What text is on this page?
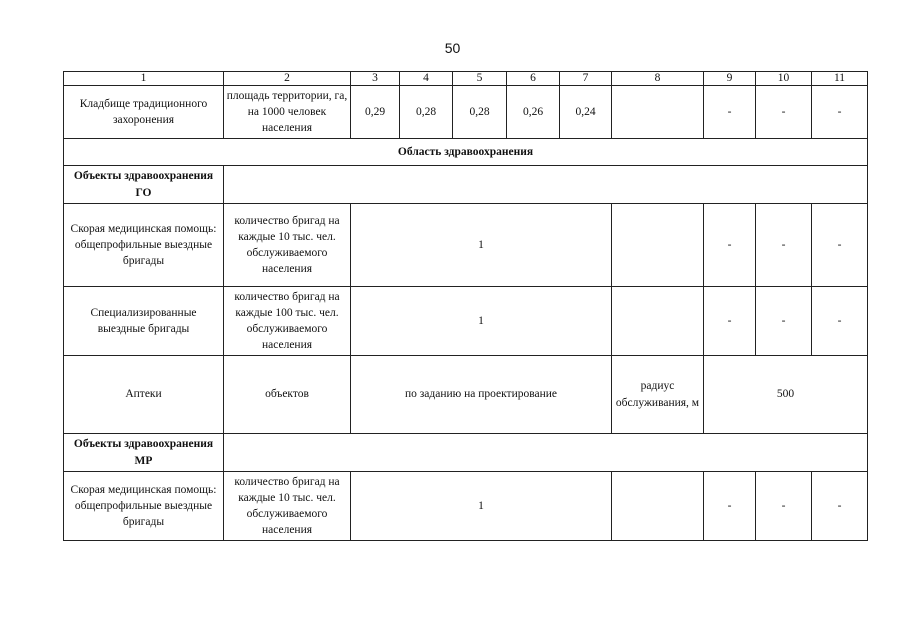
50
1	2	3	4	5	6	7	8	9	10	11
Кладбище традиционного захоронения	площадь территории, га, на 1000 человек населения	0,29	0,28	0,28	0,26	0,24		-	-	-
Область здравоохранения										
Объекты здравоохранения ГО										
Скорая медицинская помощь: общепрофильные выездные бригады	количество бригад на каждые 10 тыс. чел. обслуживаемого населения	1						-	-	-
Специализированные выездные бригады	количество бригад на каждые 100 тыс. чел. обслуживаемого населения	1						-	-	-
Аптеки	объектов	по заданию на проектирование					радиус обслуживания, м	500		
Объекты здравоохранения МР										
Скорая медицинская помощь: общепрофильные выездные бригады	количество бригад на каждые 10 тыс. чел. обслуживаемого населения	1						-	-	-
